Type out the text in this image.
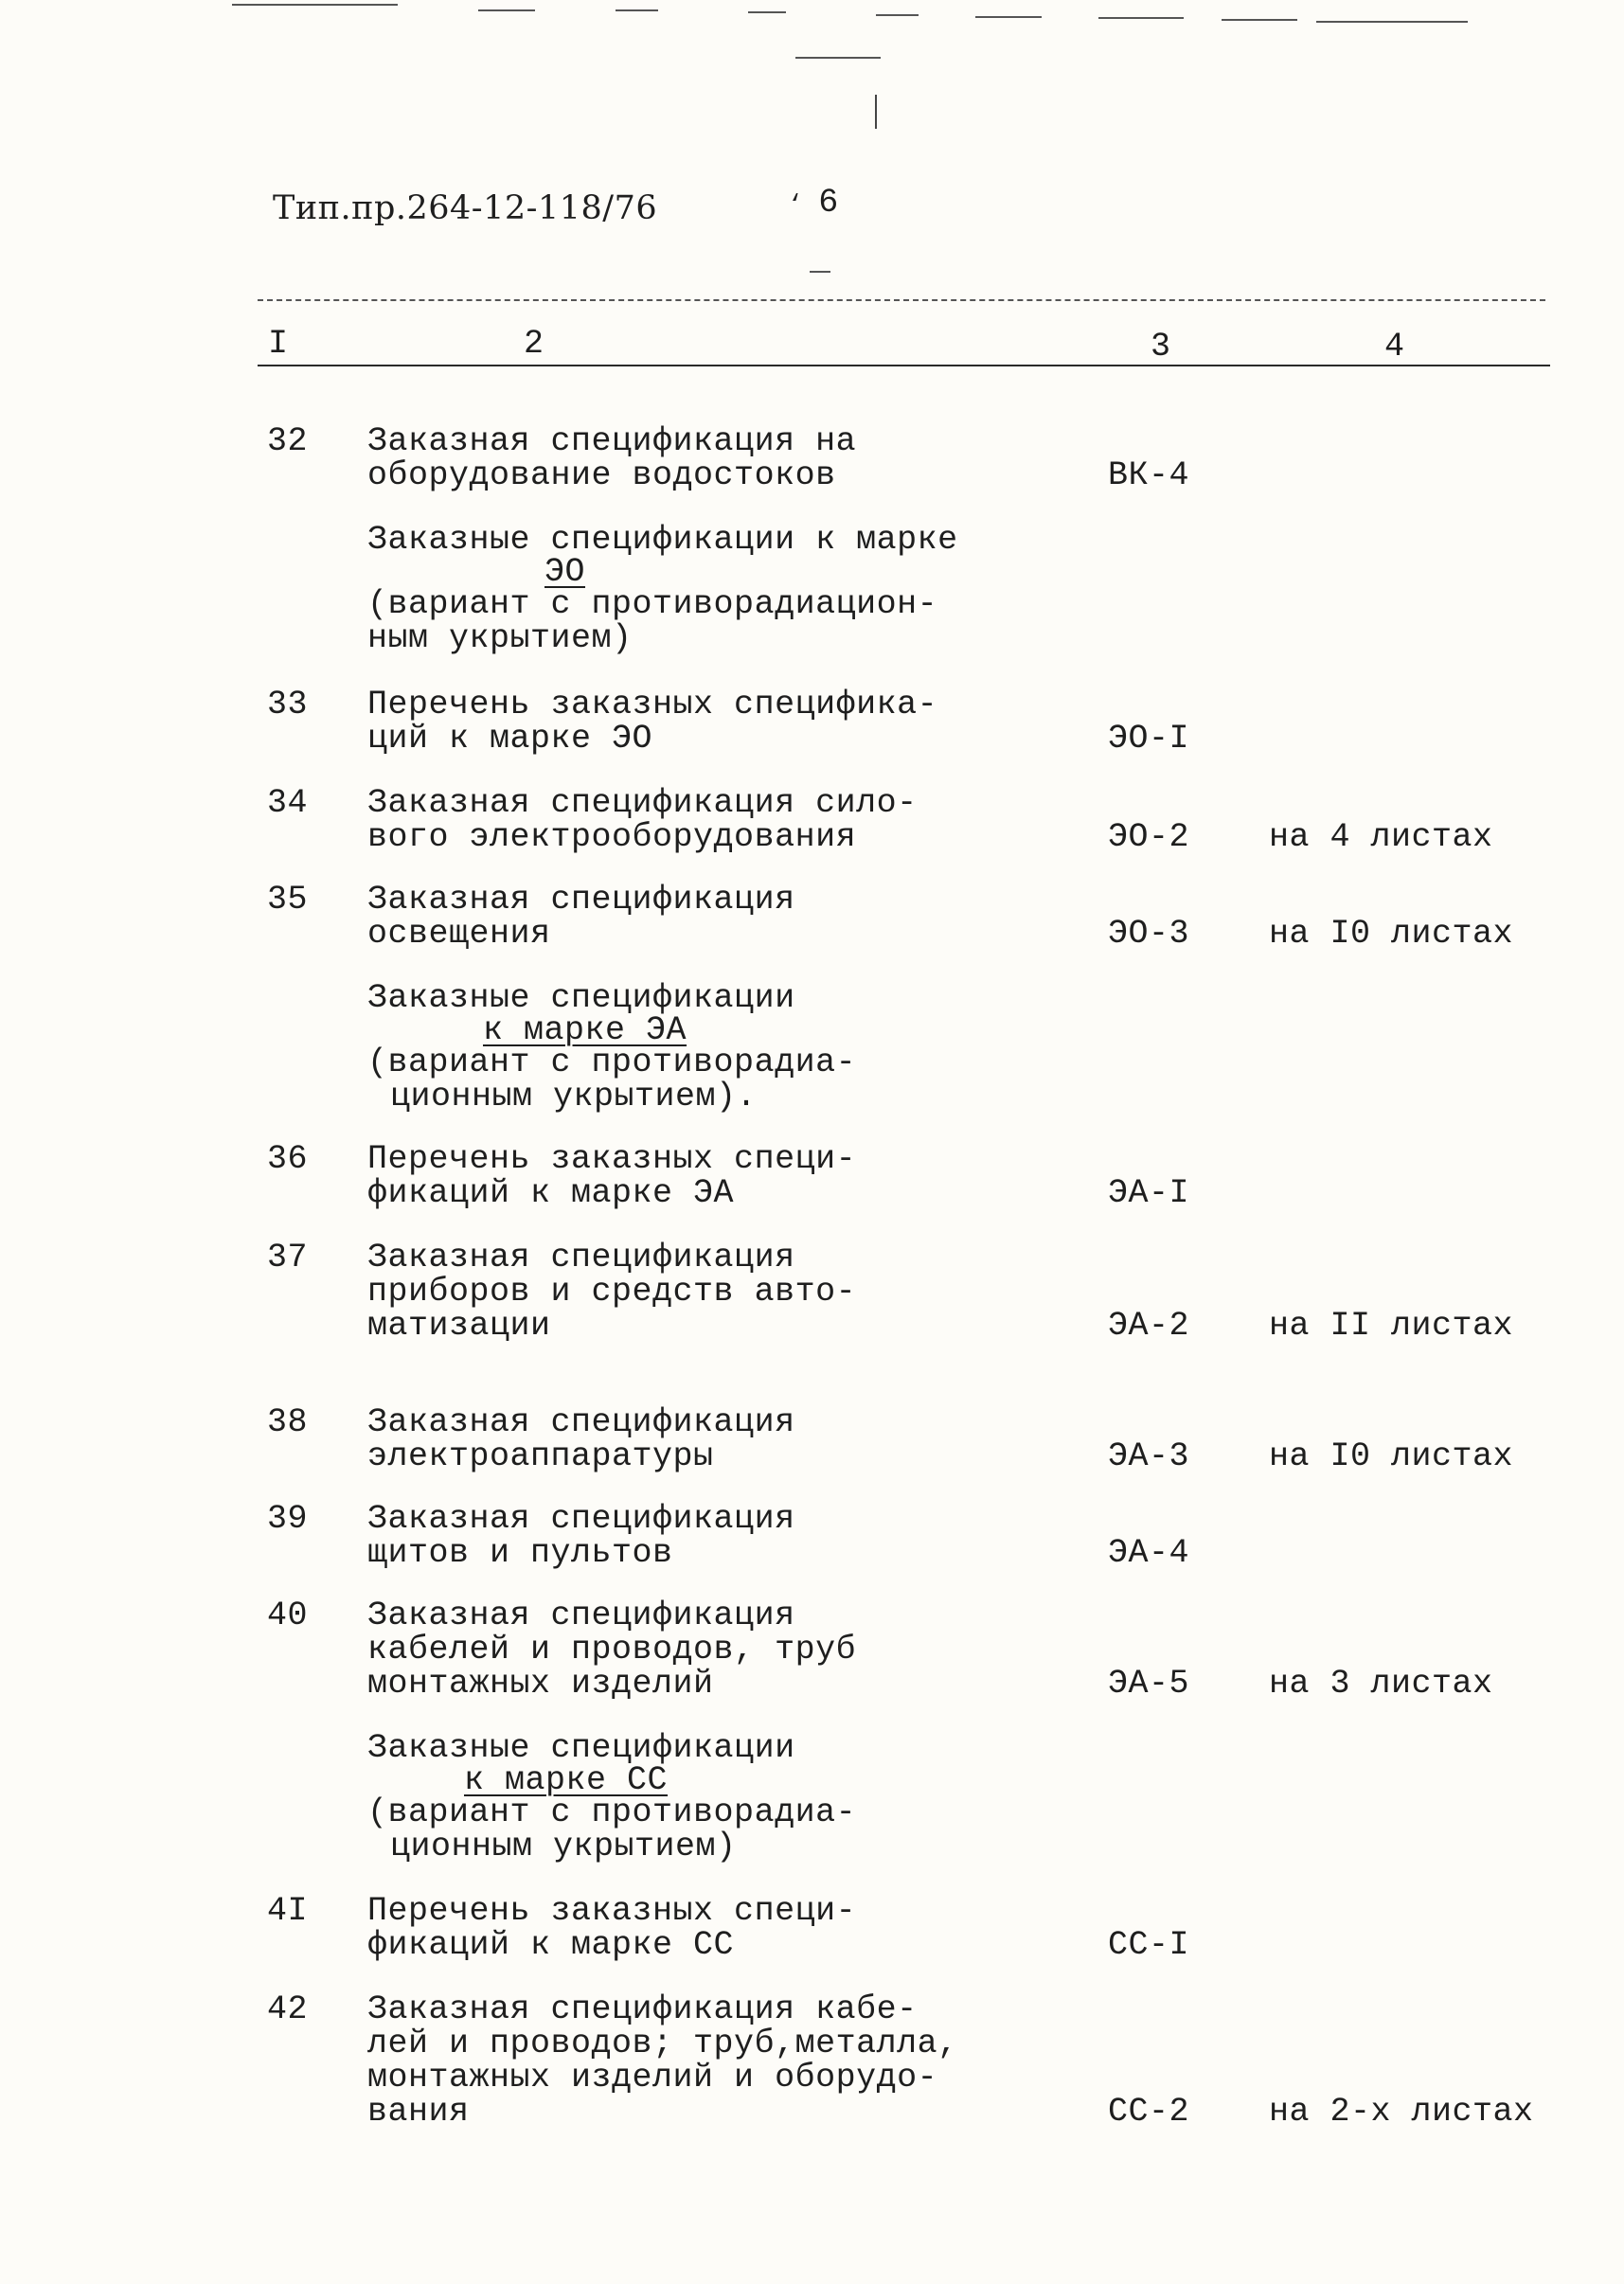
Тип.пр.264-12-118/76	‘ 6
I	2	3	4
32	Заказная спецификация на
оборудование водостоков	ВК-4
Заказные спецификации к марке
ЭО
(вариант с противорадиацион-
ным укрытием)
33	Перечень заказных спецификa-
ций к марке ЭО	ЭО-I
34	Заказная спецификация сило-
вого электрооборудования	ЭО-2 на 4 листах
35	Заказная спецификация
освещения	ЭО-3 на I0 листах
Заказные спецификации
к марке ЭА
(вариант с противорадиа-
ционным укрытием).
36	Перечень заказных специ-
фикаций к марке ЭА	ЭА-I
37	Заказная спецификация
приборов и средств авто-
матизации	ЭА-2 на II листах
38	Заказная спецификация
электроаппаратуры	ЭА-3 на I0 листах
39	Заказная спецификация
щитов и пультов	ЭА-4
40	Заказная спецификация
кабелей и проводов, труб
монтажных изделий	ЭА-5 на 3 листах
Заказные спецификации
к марке СС
(вариант с противорадиа-
ционным укрытием)
4I	Перечень заказных специ-
фикаций к марке СС	СС-I
42	Заказная спецификация кабе-
лей и проводов; труб,металла,
монтажных изделий и оборудо-
вания	СС-2 на 2-х листах
